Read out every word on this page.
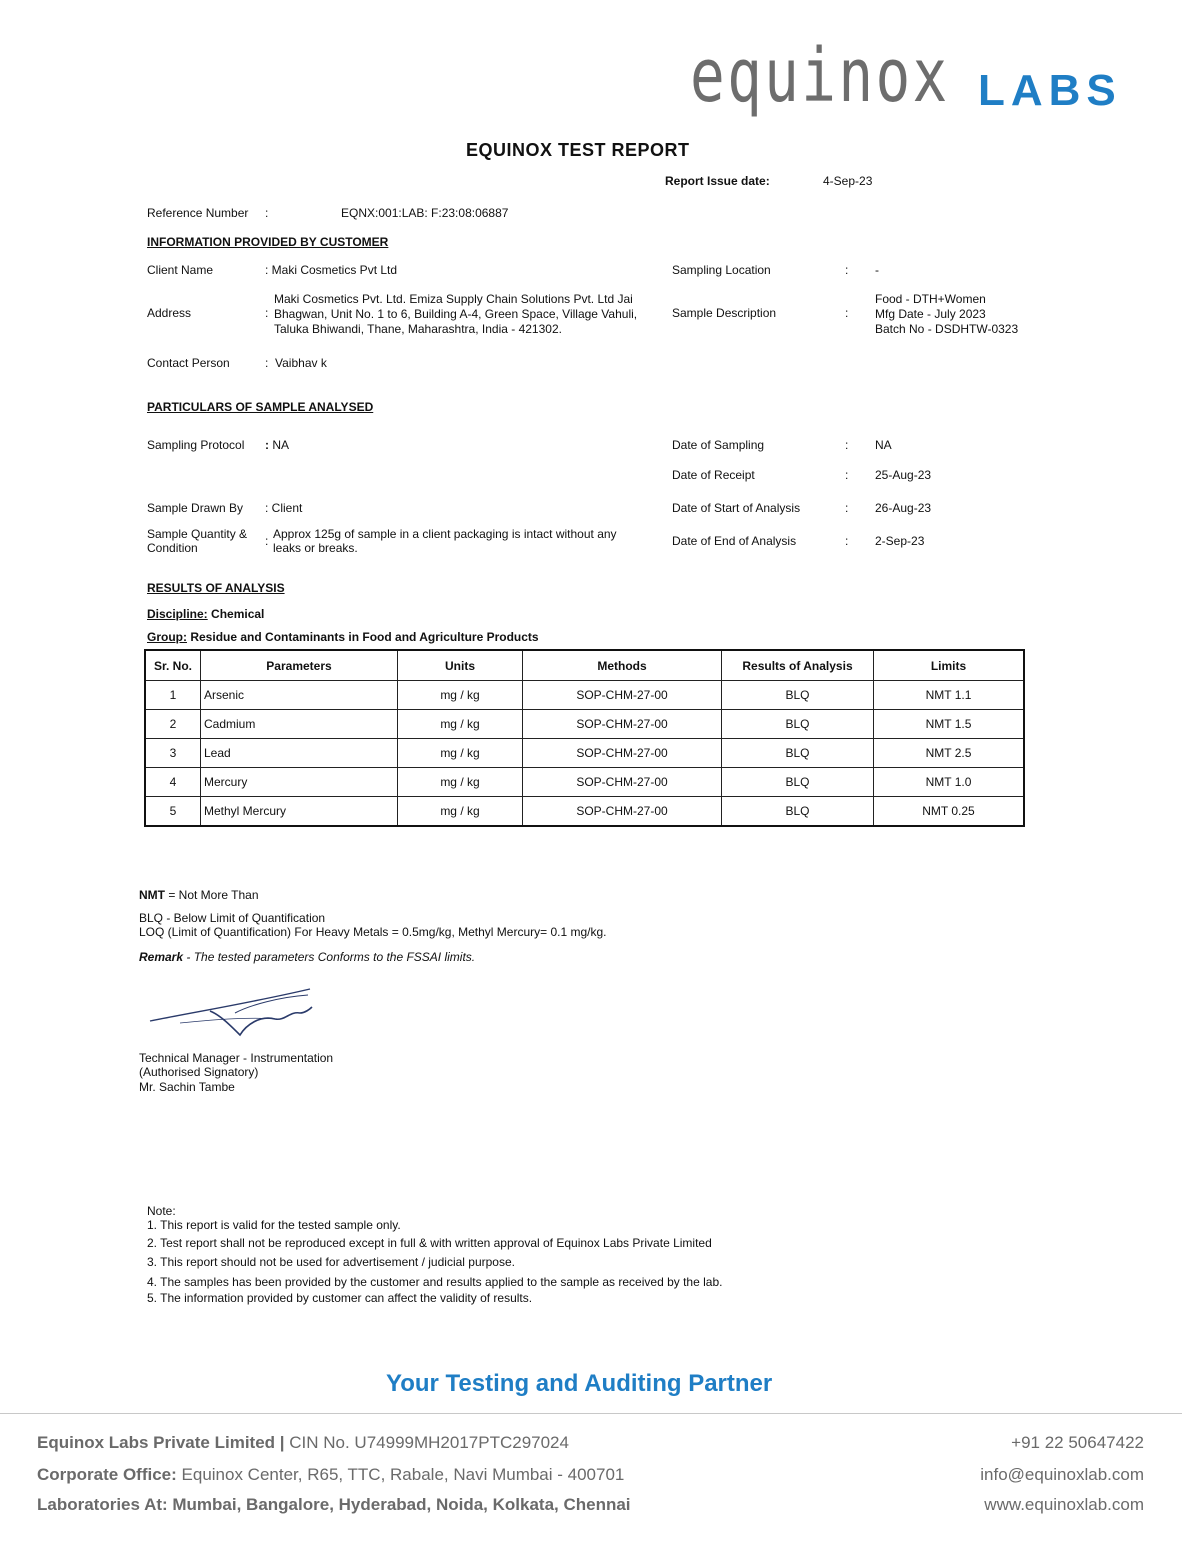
equinox LABS
EQUINOX TEST REPORT
Report Issue date:	4-Sep-23
Reference Number :	EQNX:001:LAB: F:23:08:06887
INFORMATION PROVIDED BY CUSTOMER
Client Name	: Maki Cosmetics Pvt Ltd
Address	:
Maki Cosmetics Pvt. Ltd. Emiza Supply Chain Solutions Pvt. Ltd Jai
Bhagwan, Unit No. 1 to 6, Building A-4, Green Space, Village Vahuli,
Taluka Bhiwandi, Thane, Maharashtra, India - 421302.
Contact Person	:  Vaibhav k
Sampling Location	: -
Sample Description	:
Food - DTH+Women
Mfg Date - July 2023
Batch No - DSDHTW-0323
PARTICULARS OF SAMPLE ANALYSED
Sampling Protocol : NA
Sample Drawn By : Client
Sample Quantity &
Condition	: Approx 125g of sample in a client packaging is intact without any
leaks or breaks.
Date of Sampling	: NA
Date of Receipt	: 25-Aug-23
Date of Start of Analysis	: 26-Aug-23
Date of End of Analysis	: 2-Sep-23
RESULTS OF ANALYSIS
Discipline: Chemical
Group: Residue and Contaminants in Food and Agriculture Products
Sr. No.	Parameters	Units	Methods	Results of Analysis	Limits
1	Arsenic	mg / kg	SOP-CHM-27-00	BLQ	NMT 1.1
2	Cadmium	mg / kg	SOP-CHM-27-00	BLQ	NMT 1.5
3	Lead	mg / kg	SOP-CHM-27-00	BLQ	NMT 2.5
4	Mercury	mg / kg	SOP-CHM-27-00	BLQ	NMT 1.0
5	Methyl Mercury	mg / kg	SOP-CHM-27-00	BLQ	NMT 0.25
NMT = Not More Than
BLQ - Below Limit of Quantification
LOQ (Limit of Quantification) For Heavy Metals = 0.5mg/kg, Methyl Mercury= 0.1 mg/kg.
Remark - The tested parameters Conforms to the FSSAI limits.
Technical Manager - Instrumentation
(Authorised Signatory)
Mr. Sachin Tambe
Note:
1. This report is valid for the tested sample only.
2. Test report shall not be reproduced except in full & with written approval of Equinox Labs Private Limited
3. This report should not be used for advertisement / judicial purpose.
4. The samples has been provided by the customer and results applied to the sample as received by the lab.
5. The information provided by customer can affect the validity of results.
Your Testing and Auditing Partner
Equinox Labs Private Limited | CIN No. U74999MH2017PTC297024
Corporate Office: Equinox Center, R65, TTC, Rabale, Navi Mumbai - 400701
Laboratories At: Mumbai, Bangalore, Hyderabad, Noida, Kolkata, Chennai
+91 22 50647422
info@equinoxlab.com
www.equinoxlab.com
